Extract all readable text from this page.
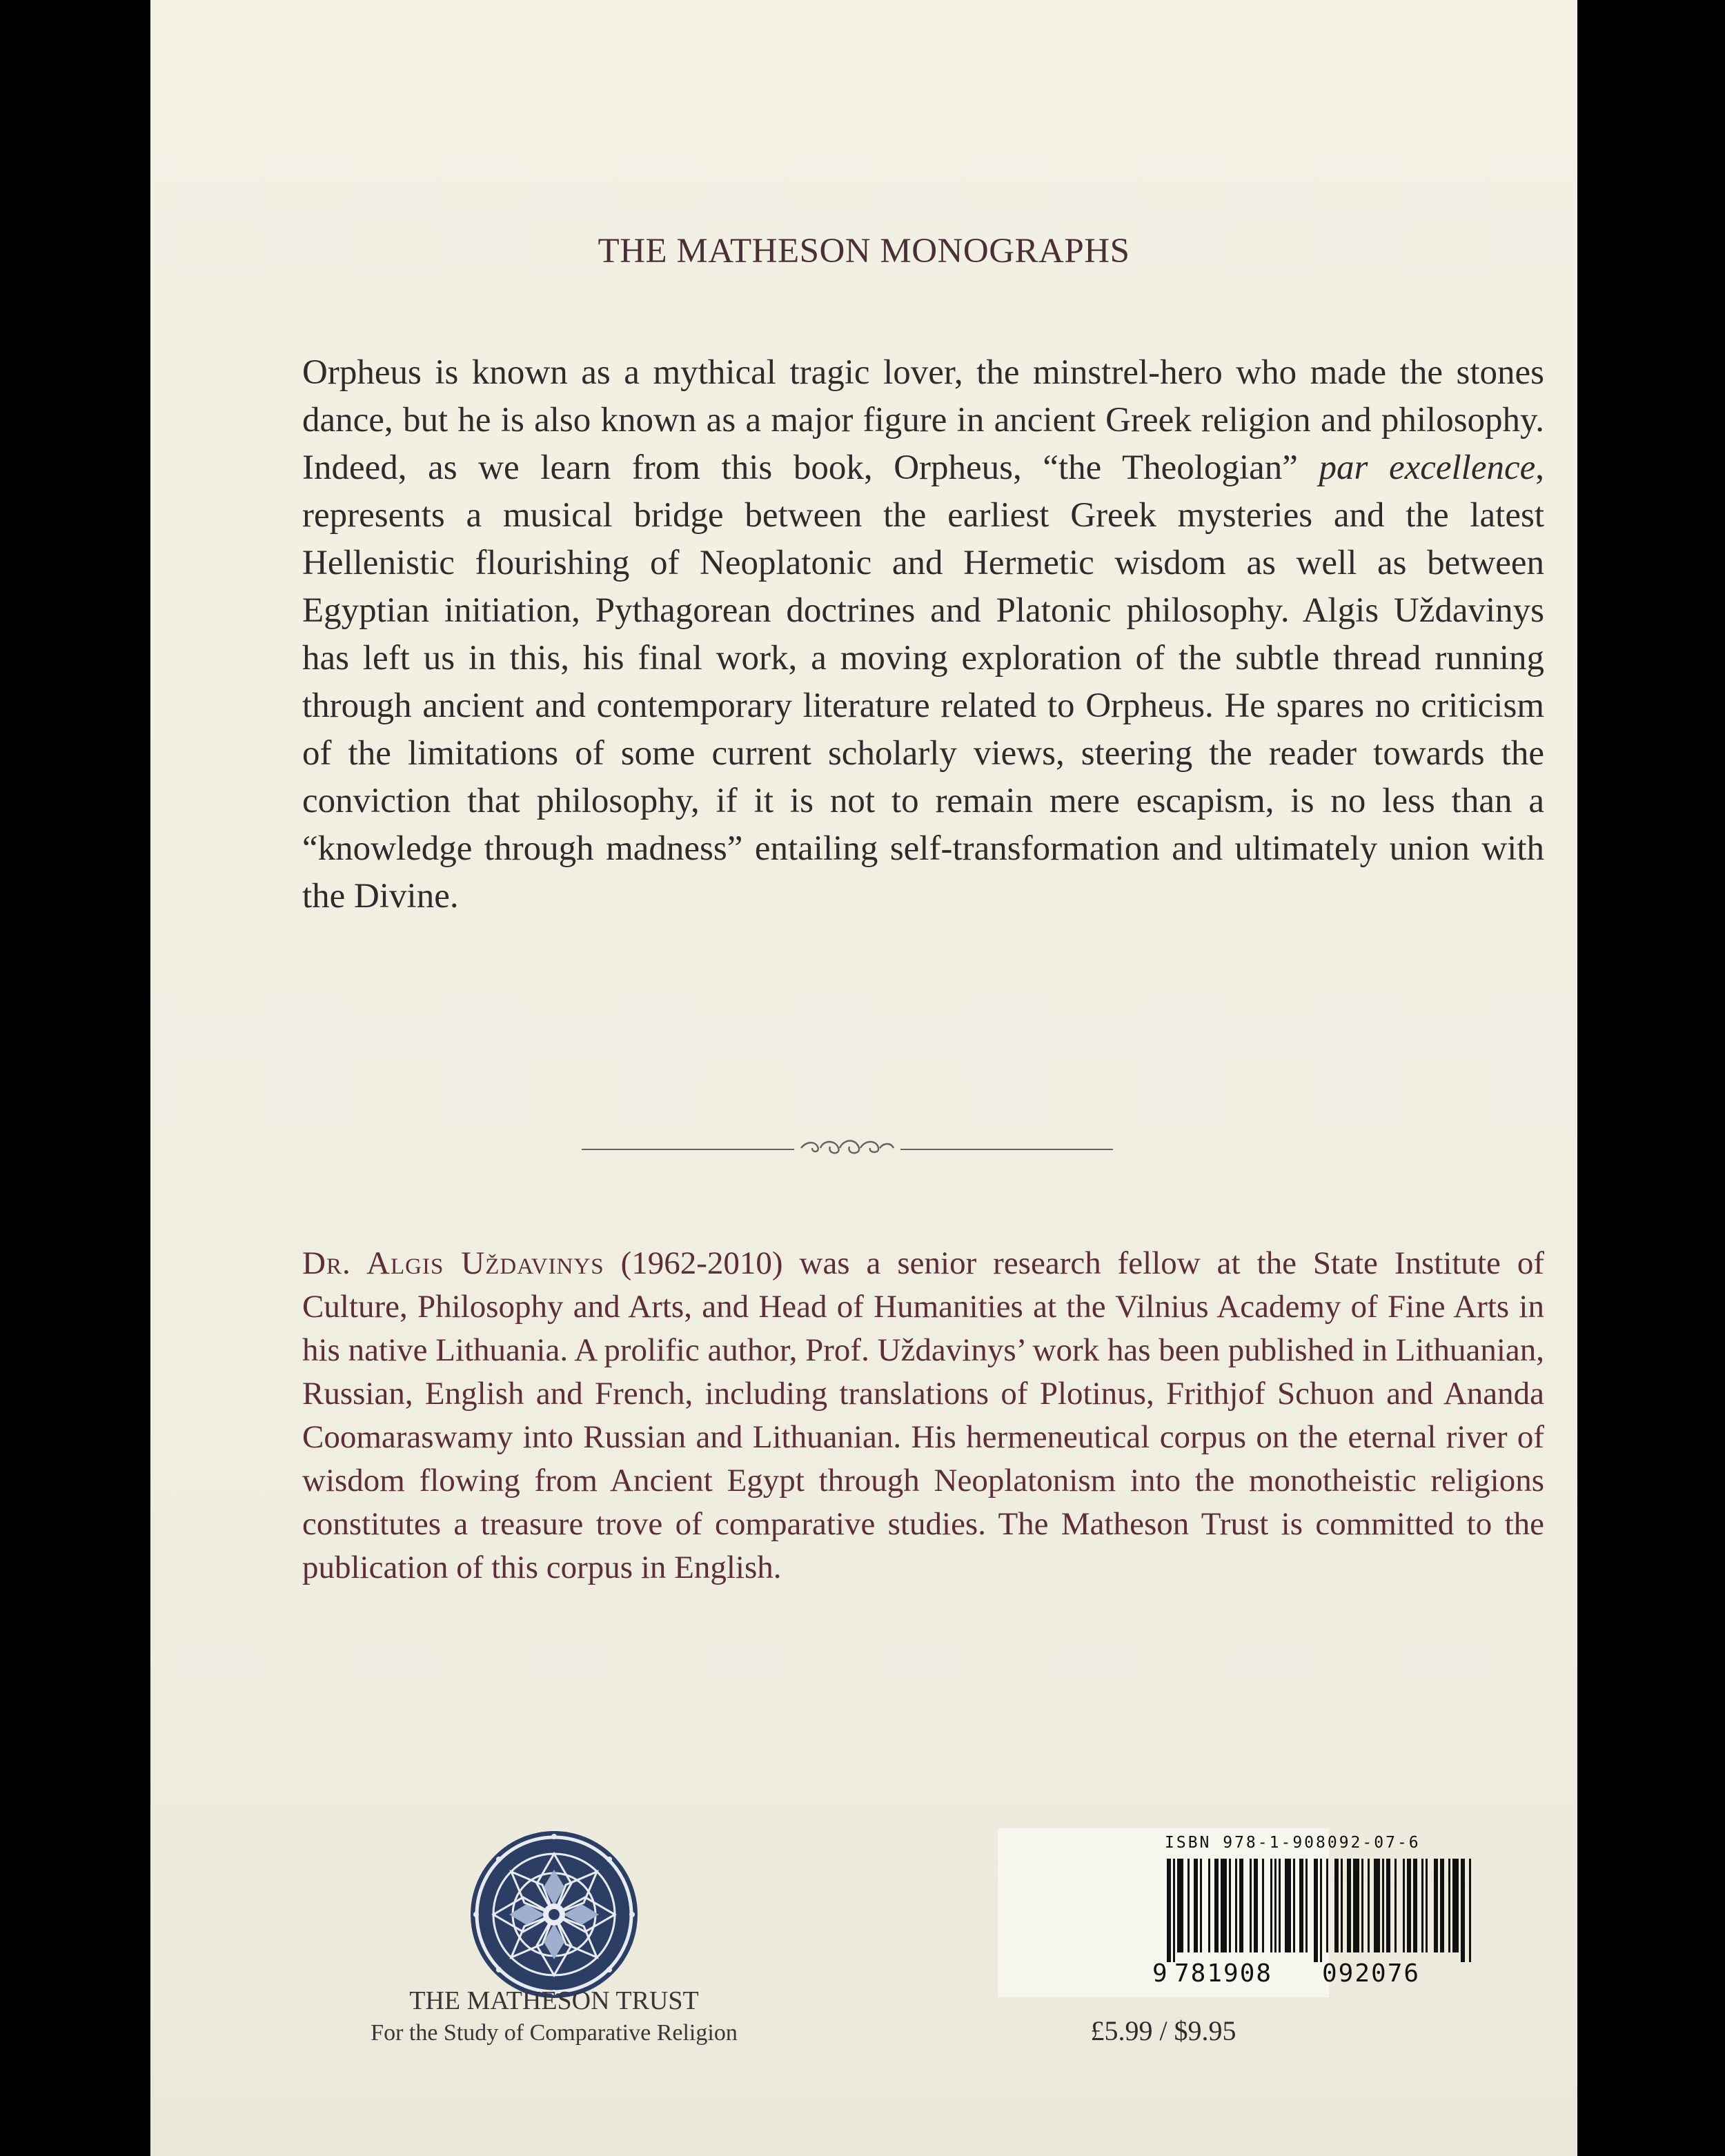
THE MATHESON MONOGRAPHS

Orpheus is known as a mythical tragic lover, the minstrel-hero who made the stones dance, but he is also known as a major figure in ancient Greek religion and philosophy. Indeed, as we learn from this book, Orpheus, “the Theologian” par excellence, represents a musical bridge between the earliest Greek mysteries and the latest Hellenistic flourishing of Neoplatonic and Hermetic wisdom as well as between Egyptian initiation, Pythagorean doctrines and Platonic philosophy. Algis Uždavinys has left us in this, his final work, a moving exploration of the subtle thread running through ancient and contemporary literature related to Orpheus. He spares no criticism of the limitations of some current scholarly views, steering the reader towards the conviction that philosophy, if it is not to remain mere escapism, is no less than a “knowledge through madness” entailing self-transformation and ultimately union with the Divine.

Dr. Algis Uždavinys (1962-2010) was a senior research fellow at the State Institute of Culture, Philosophy and Arts, and Head of Humanities at the Vilnius Academy of Fine Arts in his native Lithuania. A prolific author, Prof. Uždavinys’ work has been published in Lithuanian, Russian, English and French, including translations of Plotinus, Frithjof Schuon and Ananda Coomaraswamy into Russian and Lithuanian. His hermeneutical corpus on the eternal river of wisdom flowing from Ancient Egypt through Neoplatonism into the monotheistic religions constitutes a treasure trove of comparative studies. The Matheson Trust is committed to the publication of this corpus in English.

THE MATHESON TRUST
For the Study of Comparative Religion
ISBN 978-1-908092-07-6
9 781908 092076
£5.99 / $9.95
